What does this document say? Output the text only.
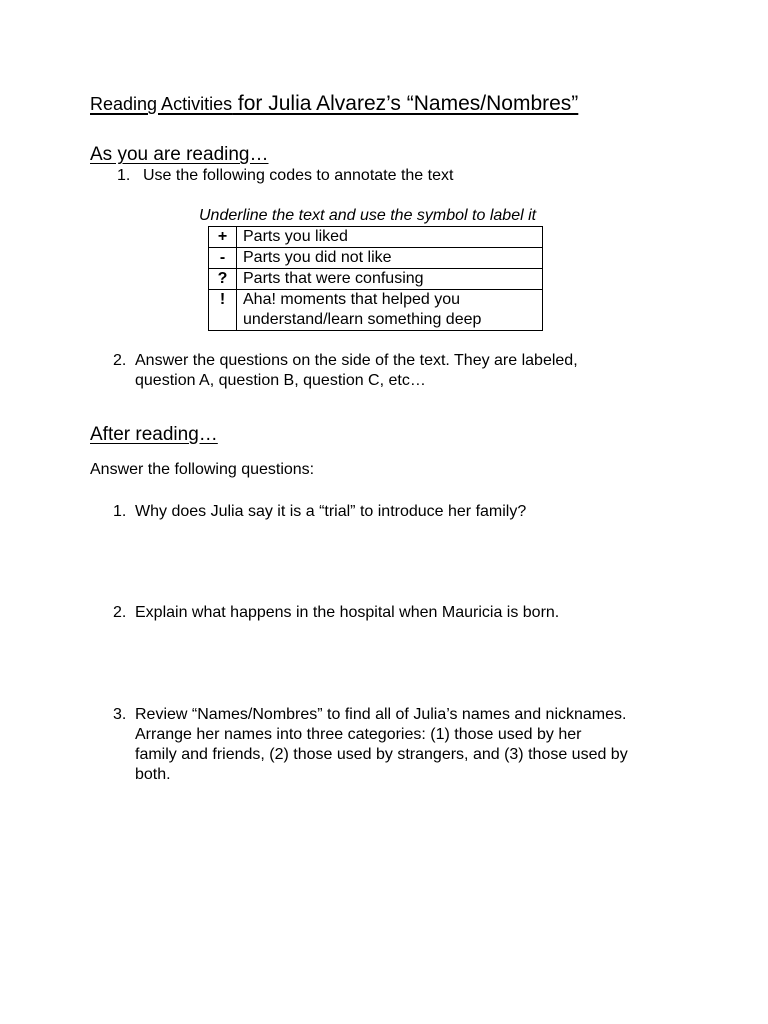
Reading Activities for Julia Alvarez’s “Names/Nombres”
As you are reading…
1. Use the following codes to annotate the text
Underline the text and use the symbol to label it
+	Parts you liked
-	Parts you did not like
?	Parts that were confusing
!	Aha! moments that helped you
understand/learn something deep
2. Answer the questions on the side of the text. They are labeled,
question A, question B, question C, etc…
After reading…
Answer the following questions:
1. Why does Julia say it is a “trial” to introduce her family?
2. Explain what happens in the hospital when Mauricia is born.
3. Review “Names/Nombres” to find all of Julia’s names and nicknames.
Arrange her names into three categories: (1) those used by her
family and friends, (2) those used by strangers, and (3) those used by
both.
